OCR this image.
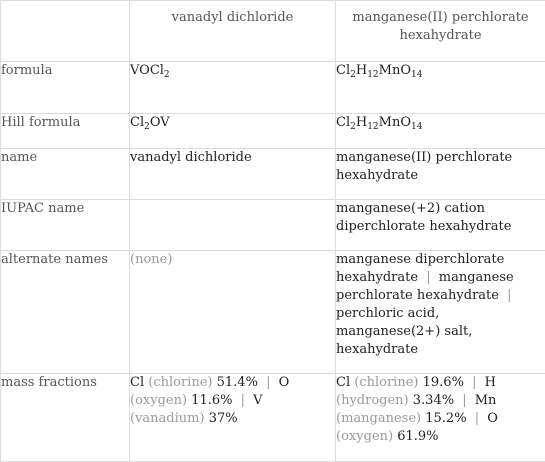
	vanadyl dichloride	manganese(II) perchlorate hexahydrate
formula	VOCl$_2$	$Cl_2H_{12}MnO_{14}$
Hill formula	$Cl_2OV$	$Cl_2H_{12}MnO_{14}$
name	vanadyl dichloride	manganese(II) perchlorate hexahydrate
IUPAC name		manganese(+2) cation diperchlorate hexahydrate
alternate names	(none)	manganese diperchlorate hexahydrate | manganese perchlorate hexahydrate | perchloric acid, manganese(2+) salt, hexahydrate
mass fractions	Cl (chlorine) 51.4% | O (oxygen) 11.6% | V (vanadium) 37%	Cl (chlorine) 19.6% | H (hydrogen) 3.34% | Mn (manganese) 15.2% | O (oxygen) 61.9%
